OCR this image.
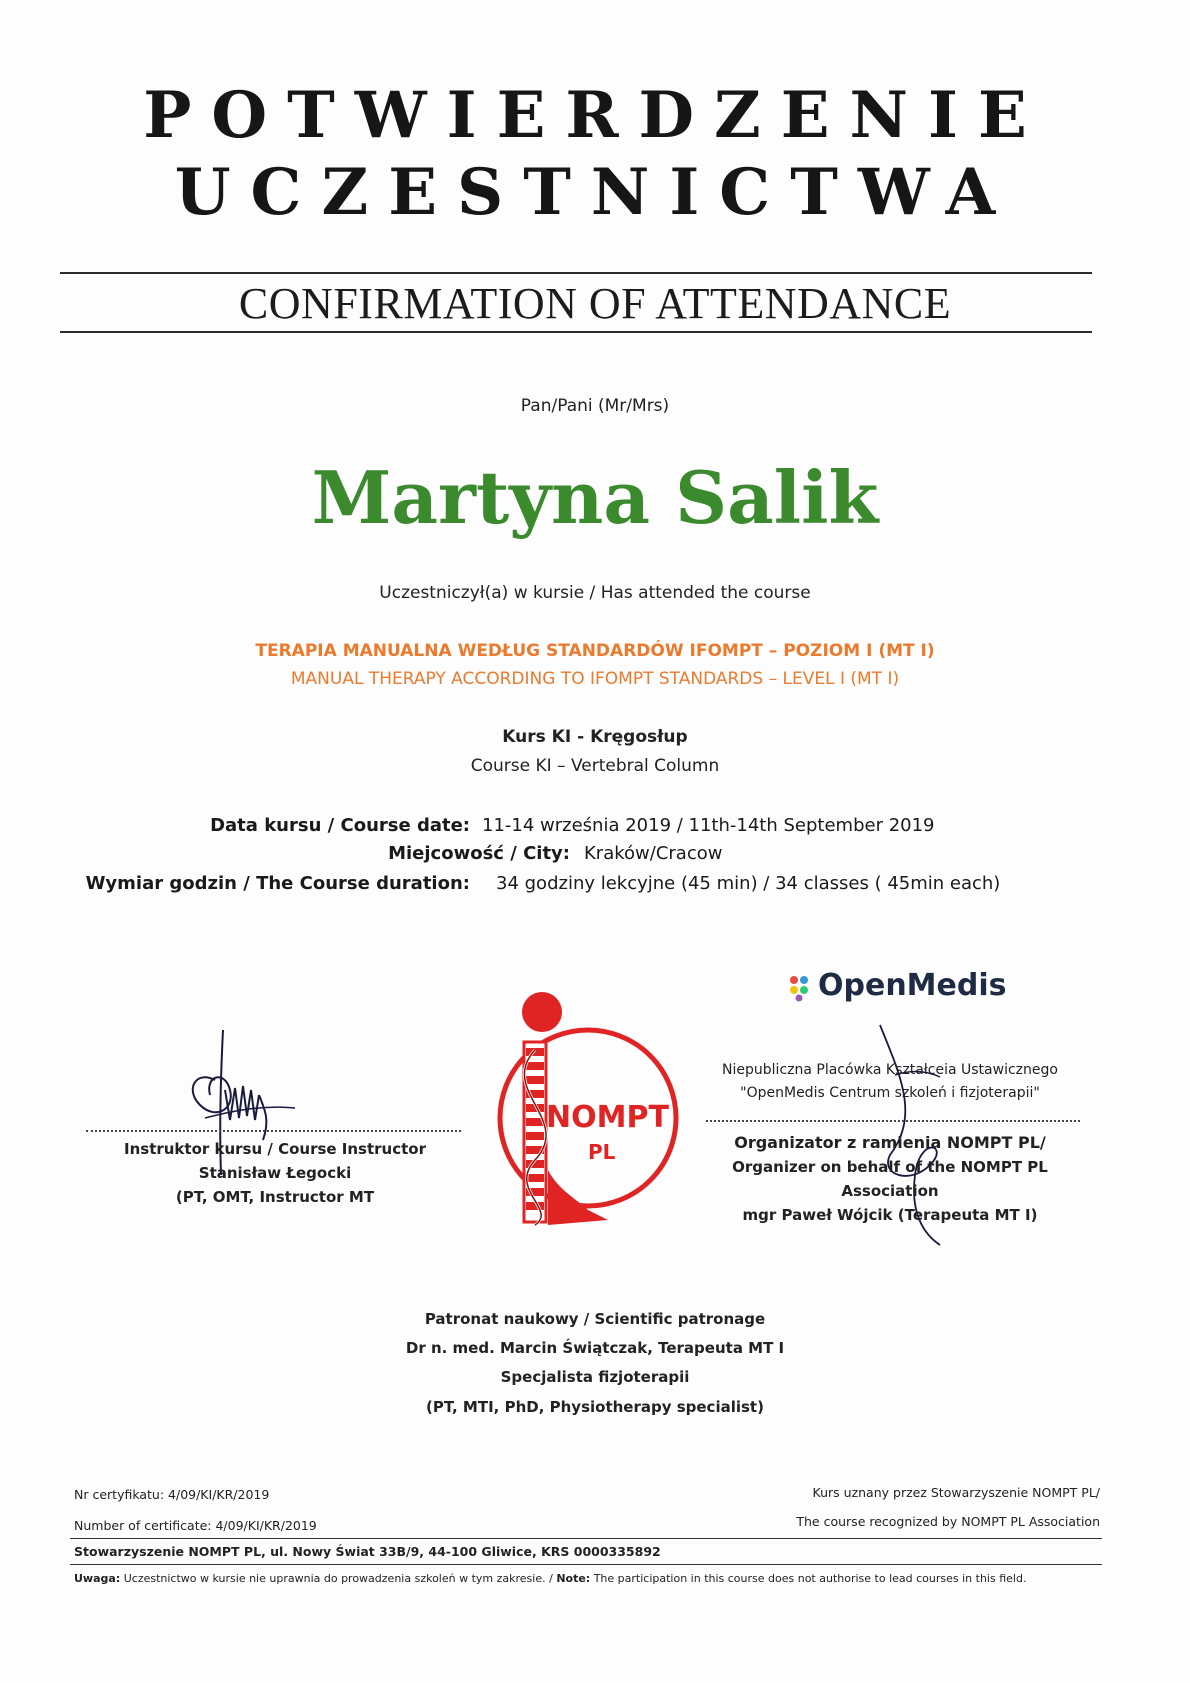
POTWIERDZENIE
UCZESTNICTWA
CONFIRMATION OF ATTENDANCE
Pan/Pani (Mr/Mrs)
Martyna Salik
Uczestniczył(a) w kursie / Has attended the course
TERAPIA MANUALNA WEDŁUG STANDARDÓW IFOMPT – POZIOM I (MT I)
MANUAL THERAPY ACCORDING TO IFOMPT STANDARDS – LEVEL I (MT I)
Kurs KI - Kręgosłup
Course KI – Vertebral Column
Data kursu / Course date: 11-14 września 2019 / 11th-14th September 2019
Miejcowość / City: Kraków/Cracow
Wymiar godzin / The Course duration: 34 godziny lekcyjne (45 min) / 34 classes ( 45min each)
Instruktor kursu / Course Instructor
Stanisław Łegocki
(PT, OMT, Instructor MT
NOMPT
PL
OpenMedis
Niepubliczna Placówka Kształceia Ustawicznego
"OpenMedis Centrum szkoleń i fizjoterapii"
Organizator z ramienia NOMPT PL/
Organizer on behalf of the NOMPT PL
Association
mgr Paweł Wójcik (Terapeuta MT I)
Patronat naukowy / Scientific patronage
Dr n. med. Marcin Świątczak, Terapeuta MT I
Specjalista fizjoterapii
(PT, MTI, PhD, Physiotherapy specialist)
Nr certyfikatu: 4/09/KI/KR/2019
Number of certificate: 4/09/KI/KR/2019
Kurs uznany przez Stowarzyszenie NOMPT PL/
The course recognized by NOMPT PL Association
Stowarzyszenie NOMPT PL, ul. Nowy Świat 33B/9, 44-100 Gliwice, KRS 0000335892
Uwaga: Uczestnictwo w kursie nie uprawnia do prowadzenia szkoleń w tym zakresie. / Note: The participation in this course does not authorise to lead courses in this field.
